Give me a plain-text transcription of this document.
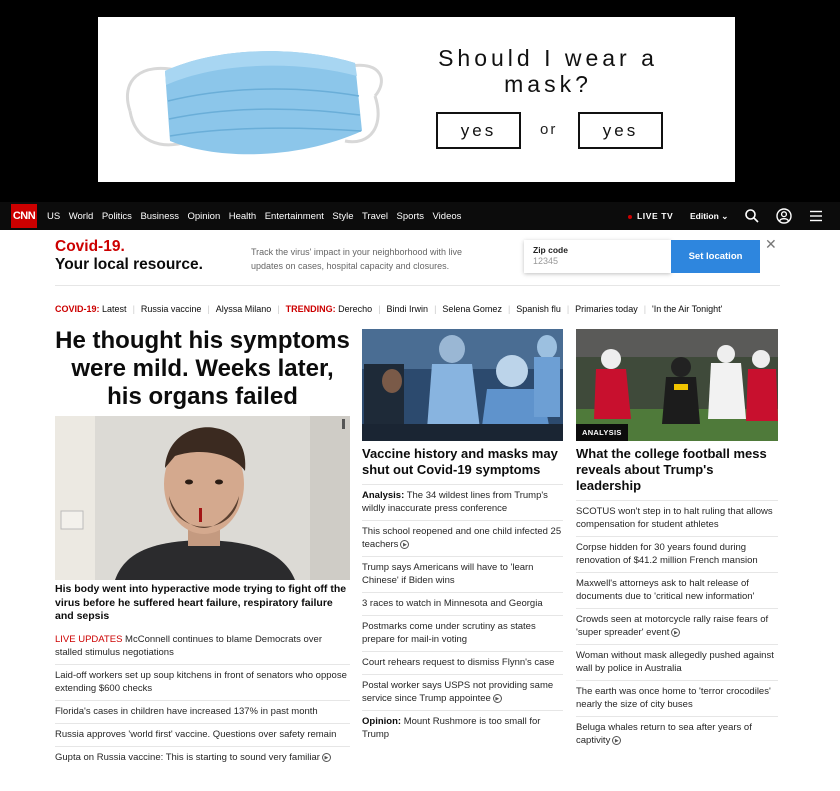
Should I wear a mask?
yes	or	yes
CNN US World Politics Business Opinion Health Entertainment Style Travel Sports Videos	LIVE TV Edition ⌄
Covid-19.
Your local resource.
Track the virus' impact in your neighborhood with live updates on cases, hospital capacity and closures.
Zip code
12345	Set location
✕
COVID-19:
Latest | Russia vaccine | Alyssa Milano | TRENDING:
Derecho | Bindi Irwin | Selena Gomez | Spanish flu | Primaries today | 'In the Air Tonight'
He thought his symptoms were mild. Weeks later, his organs failed
His body went into hyperactive mode trying to fight off the virus before he suffered heart failure, respiratory failure and sepsis
LIVE UPDATES McConnell continues to blame Democrats over stalled stimulus negotiations
Laid-off workers set up soup kitchens in front of senators who oppose extending $600 checks
Florida's cases in children have increased 137% in past month
Russia approves 'world first' vaccine. Questions over safety remain
Gupta on Russia vaccine: This is starting to sound very familiar ▶
Vaccine history and masks may shut out Covid-19 symptoms
Analysis: The 34 wildest lines from Trump's wildly inaccurate press conference
This school reopened and one child infected 25 teachers ▶
Trump says Americans will have to 'learn Chinese' if Biden wins
3 races to watch in Minnesota and Georgia
Postmarks come under scrutiny as states prepare for mail-in voting
Court rehears request to dismiss Flynn's case
Postal worker says USPS not providing same service since Trump appointee ▶
Opinion: Mount Rushmore is too small for Trump
ANALYSIS
What the college football mess reveals about Trump's leadership
SCOTUS won't step in to halt ruling that allows compensation for student athletes
Corpse hidden for 30 years found during renovation of $41.2 million French mansion
Maxwell's attorneys ask to halt release of documents due to 'critical new information'
Crowds seen at motorcycle rally raise fears of 'super spreader' event ▶
Woman without mask allegedly pushed against wall by police in Australia
The earth was once home to 'terror crocodiles' nearly the size of city buses
Beluga whales return to sea after years of captivity ▶
